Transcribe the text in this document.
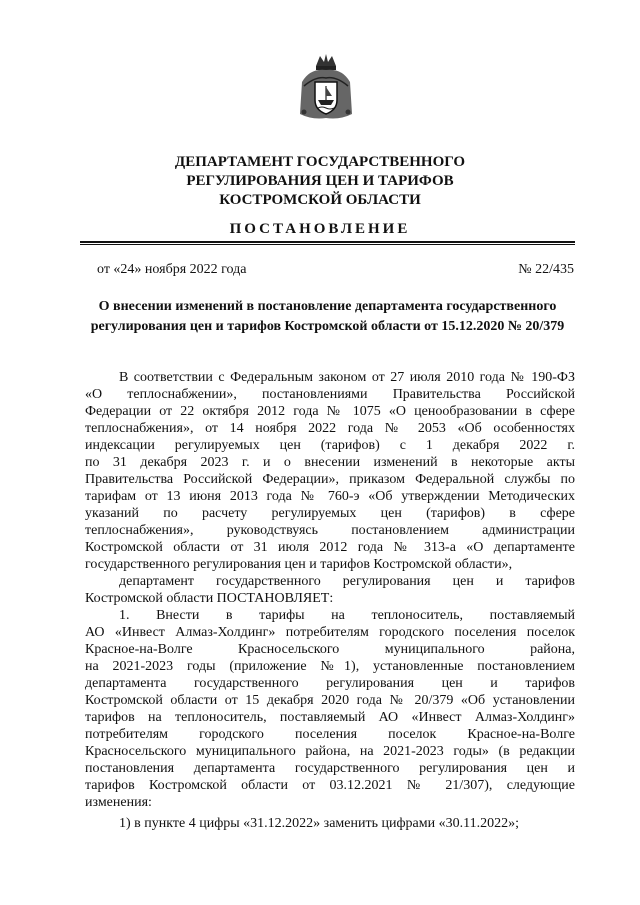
ДЕПАРТАМЕНТ ГОСУДАРСТВЕННОГО
РЕГУЛИРОВАНИЯ ЦЕН И ТАРИФОВ
КОСТРОМСКОЙ ОБЛАСТИ
ПОСТАНОВЛЕНИЕ
от «24» ноября 2022 года	№ 22/435
О внесении изменений в постановление департамента государственного
регулирования цен и тарифов Костромской области от 15.12.2020 № 20/379
В соответствии с Федеральным законом от 27 июля 2010 года № 190-ФЗ
«О теплоснабжении», постановлениями Правительства Российской
Федерации от 22 октября 2012 года № 1075 «О ценообразовании в сфере
теплоснабжения», от 14 ноября 2022 года № 2053 «Об особенностях
индексации регулируемых цен (тарифов) с 1 декабря 2022 г.
по 31 декабря 2023 г. и о внесении изменений в некоторые акты
Правительства Российской Федерации», приказом Федеральной службы по
тарифам от 13 июня 2013 года № 760-э «Об утверждении Методических
указаний по расчету регулируемых цен (тарифов) в сфере
теплоснабжения», руководствуясь постановлением администрации
Костромской области от 31 июля 2012 года № 313-а «О департаменте
государственного регулирования цен и тарифов Костромской области»,
департамент государственного регулирования цен и тарифов
Костромской области ПОСТАНОВЛЯЕТ:
1. Внести в тарифы на теплоноситель, поставляемый
АО «Инвест Алмаз-Холдинг» потребителям городского поселения поселок
Красное-на-Волге Красносельского муниципального района,
на 2021-2023 годы (приложение №1), установленные постановлением
департамента государственного регулирования цен и тарифов
Костромской области от 15 декабря 2020 года № 20/379 «Об установлении
тарифов на теплоноситель, поставляемый АО «Инвест Алмаз-Холдинг»
потребителям городского поселения поселок Красное-на-Волге
Красносельского муниципального района, на 2021-2023 годы» (в редакции
постановления департамента государственного регулирования цен и
тарифов Костромской области от 03.12.2021 № 21/307), следующие
изменения:
1) в пункте 4 цифры «31.12.2022» заменить цифрами «30.11.2022»;
